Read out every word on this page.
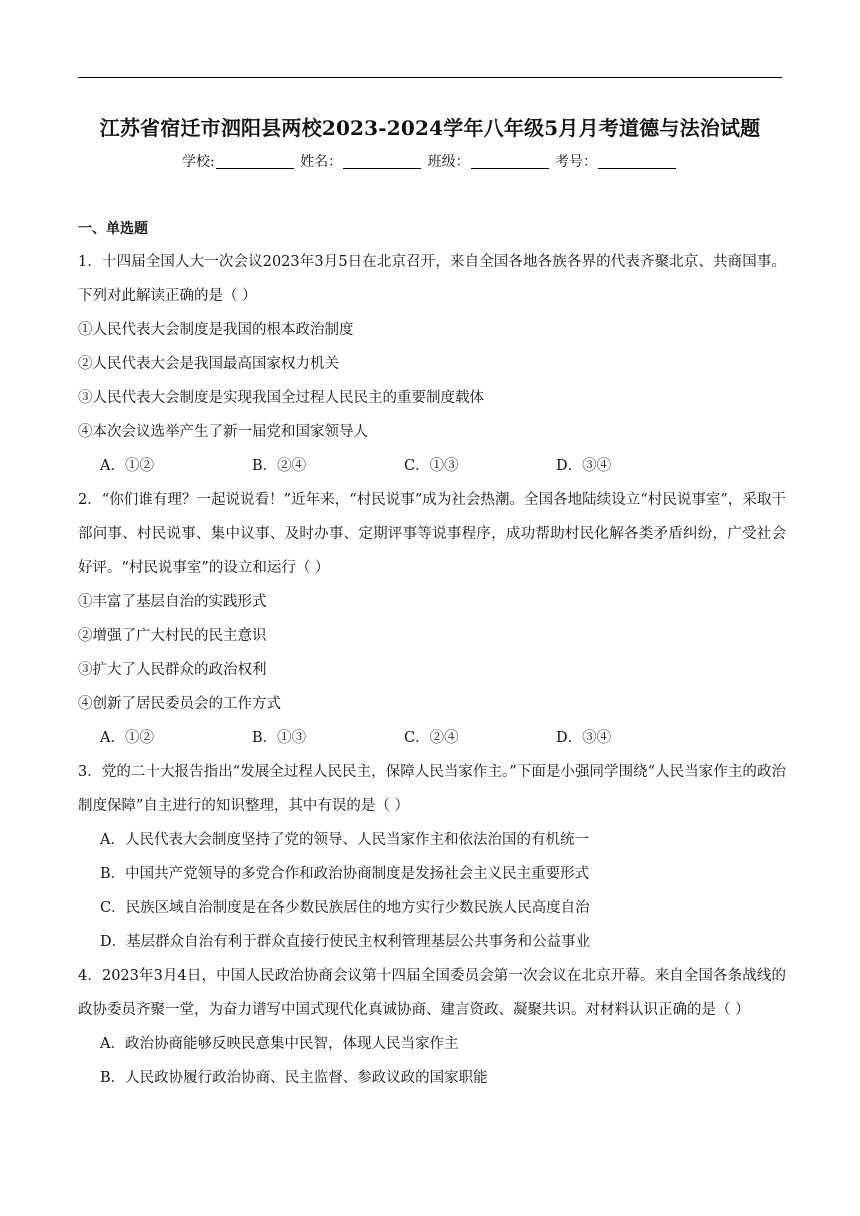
江苏省宿迁市泗阳县两校2023-2024学年八年级5月月考道德与法治试题
学校:	姓名：	班级：	考号：
一、单选题
1．十四届全国人大一次会议2023年3月5日在北京召开，来自全国各地各族各界的代表齐聚北京、共商国事。下列对此解读正确的是（ ）
①人民代表大会制度是我国的根本政治制度
②人民代表大会是我国最高国家权力机关
③人民代表大会制度是实现我国全过程人民民主的重要制度载体
④本次会议选举产生了新一届党和国家领导人
A．①②	B．②④	C．①③	D．③④
2．“你们谁有理？一起说说看！”近年来，“村民说事”成为社会热潮。全国各地陆续设立“村民说事室”，采取干部问事、村民说事、集中议事、及时办事、定期评事等说事程序，成功帮助村民化解各类矛盾纠纷，广受社会好评。“村民说事室”的设立和运行（ ）
①丰富了基层自治的实践形式
②增强了广大村民的民主意识
③扩大了人民群众的政治权利
④创新了居民委员会的工作方式
A．①②	B．①③	C．②④	D．③④
3．党的二十大报告指出“发展全过程人民民主，保障人民当家作主。”下面是小强同学围绕“人民当家作主的政治制度保障”自主进行的知识整理，其中有误的是（ ）
A．人民代表大会制度坚持了党的领导、人民当家作主和依法治国的有机统一
B．中国共产党领导的多党合作和政治协商制度是发扬社会主义民主重要形式
C．民族区域自治制度是在各少数民族居住的地方实行少数民族人民高度自治
D．基层群众自治有利于群众直接行使民主权利管理基层公共事务和公益事业
4．2023年3月4日，中国人民政治协商会议第十四届全国委员会第一次会议在北京开幕。来自全国各条战线的政协委员齐聚一堂，为奋力谱写中国式现代化真诚协商、建言资政、凝聚共识。对材料认识正确的是（ ）
A．政治协商能够反映民意集中民智，体现人民当家作主
B．人民政协履行政治协商、民主监督、参政议政的国家职能
